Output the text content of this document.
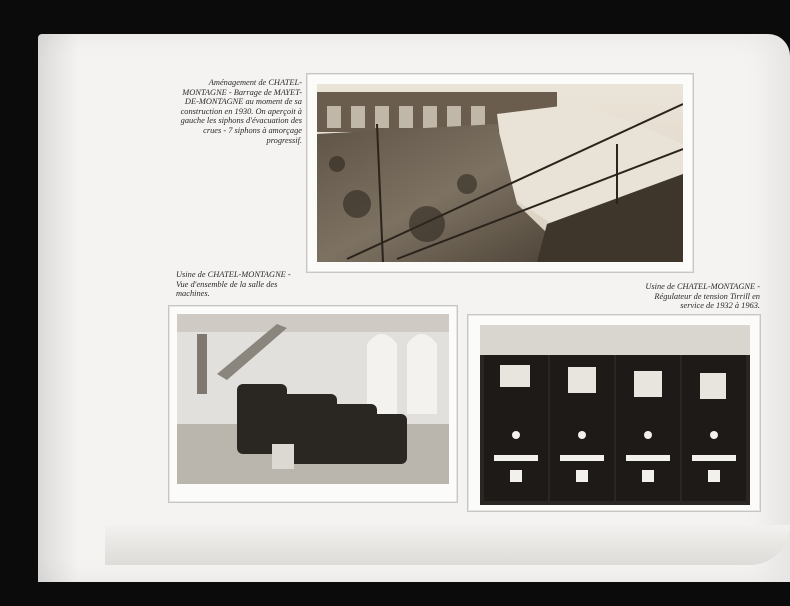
Aménagement de CHATEL-
MONTAGNE - Barrage de MAYET-
DE-MONTAGNE au moment de sa
construction en 1930. On aperçoit à
gauche les siphons d'évacuation des
crues - 7 siphons à amorçage
progressif.
Usine de CHATEL-MONTAGNE -
Vue d'ensemble de la salle des
machines.
Usine de CHATEL-MONTAGNE -
Régulateur de tension Tirrill en
service de 1932 à 1963.
